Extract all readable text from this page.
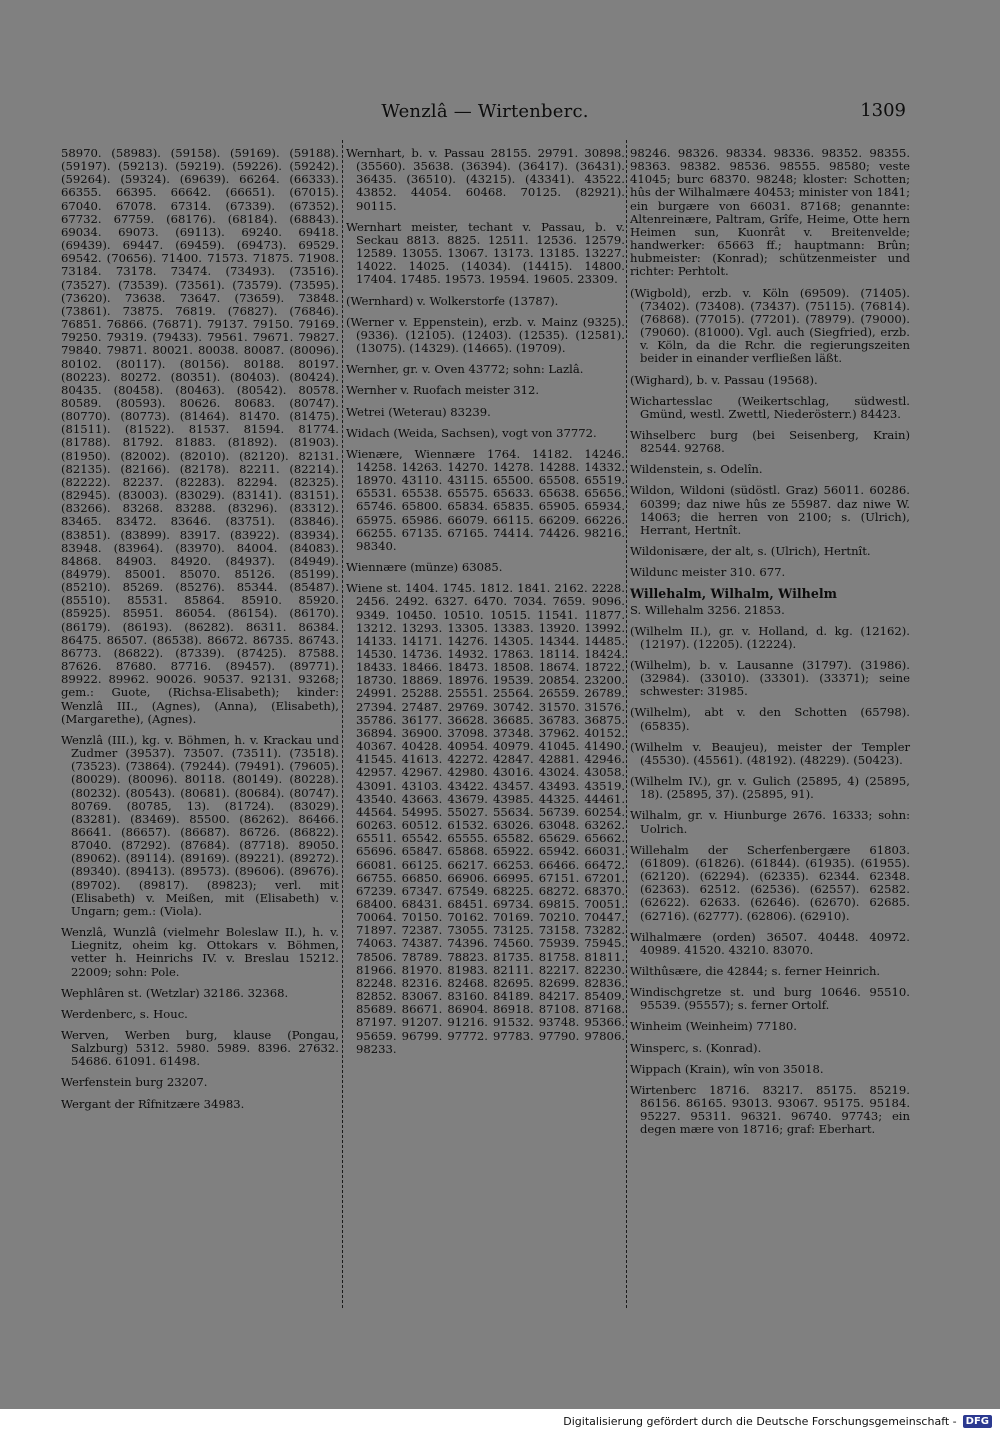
Wenzlâ — Wirtenberc.	1309

58970. (58983). (59158). (59169). (59188). (59197). (59213). (59219). (59226). (59242). (59264). (59324). (69639). 66264. (66333). 66355. 66395. 66642. (66651). (67015). 67040. 67078. 67314. (67339). (67352). 67732. 67759. (68176). (68184). (68843). 69034. 69073. (69113). 69240. 69418. (69439). 69447. (69459). (69473). 69529. 69542. (70656). 71400. 71573. 71875. 71908. 73184. 73178. 73474. (73493). (73516). (73527). (73539). (73561). (73579). (73595). (73620). 73638. 73647. (73659). 73848. (73861). 73875. 76819. (76827). (76846). 76851. 76866. (76871). 79137. 79150. 79169. 79250. 79319. (79433). 79561. 79671. 79827. 79840. 79871. 80021. 80038. 80087. (80096). 80102. (80117). (80156). 80188. 80197. (80223). 80272. (80351). (80403). (80424). 80435. (80458). (80463). (80542). 80578. 80589. (80593). 80626. 80683. (80747). (80770). (80773). (81464). 81470. (81475). (81511). (81522). 81537. 81594. 81774. (81788). 81792. 81883. (81892). (81903). (81950). (82002). (82010). (82120). 82131. (82135). (82166). (82178). 82211. (82214). (82222). 82237. (82283). 82294. (82325). (82945). (83003). (83029). (83141). (83151). (83266). 83268. 83288. (83296). (83312). 83465. 83472. 83646. (83751). (83846). (83851). (83899). 83917. (83922). (83934). 83948. (83964). (83970). 84004. (84083). 84868. 84903. 84920. (84937). (84949). (84979). 85001. 85070. 85126. (85199). (85210). 85269. (85276). 85344. (85487). (85510). 85531. 85864. 85910. 85920. (85925). 85951. 86054. (86154). (86170). (86179). (86193). (86282). 86311. 86384. 86475. 86507. (86538). 86672. 86735. 86743. 86773. (86822). (87339). (87425). 87588. 87626. 87680. 87716. (89457). (89771). 89922. 89962. 90026. 90537. 92131. 93268; gem.: Guote, (Richsa-Elisabeth); kinder: Wenzlâ III., (Agnes), (Anna), (Elisabeth), (Margarethe), (Agnes).

Wenzlâ (III.), kg. v. Böhmen, h. v. Krackau und Zudmer (39537). 73507. (73511). (73518). (73523). (73864). (79244). (79491). (79605). (80029). (80096). 80118. (80149). (80228). (80232). (80543). (80681). (80684). (80747). 80769. (80785, 13). (81724). (83029). (83281). (83469). 85500. (86262). 86466. 86641. (86657). (86687). 86726. (86822). 87040. (87292). (87684). (87718). 89050. (89062). (89114). (89169). (89221). (89272). (89340). (89413). (89573). (89606). (89676). (89702). (89817). (89823); verl. mit (Elisabeth) v. Meißen, mit (Elisabeth) v. Ungarn; gem.: (Viola).

Wenzlâ, Wunzlâ (vielmehr Boleslaw II.), h. v. Liegnitz, oheim kg. Ottokars v. Böhmen, vetter h. Heinrichs IV. v. Breslau 15212. 22009; sohn: Pole.

Wephlâren st. (Wetzlar) 32186. 32368.

Werdenberc, s. Houc.

Werven, Werben burg, klause (Pongau, Salzburg) 5312. 5980. 5989. 8396. 27632. 54686. 61091. 61498.

Werfenstein burg 23207.

Wergant der Rîfnitzære 34983.

Wernhart, b. v. Passau 28155. 29791. 30898. (35560). 35638. (36394). (36417). (36431). 36435. (36510). (43215). (43341). 43522. 43852. 44054. 60468. 70125. (82921). 90115.

Wernhart meister, techant v. Passau, b. v. Seckau 8813. 8825. 12511. 12536. 12579. 12589. 13055. 13067. 13173. 13185. 13227. 14022. 14025. (14034). (14415). 14800. 17404. 17485. 19573. 19594. 19605. 23309.

(Wernhard) v. Wolkerstorfe (13787).

(Werner v. Eppenstein), erzb. v. Mainz (9325). (9336). (12105). (12403). (12535). (12581). (13075). (14329). (14665). (19709).

Wernher, gr. v. Oven 43772; sohn: Lazlâ.

Wernher v. Ruofach meister 312.

Wetrei (Weterau) 83239.

Widach (Weida, Sachsen), vogt von 37772.

Wienære, Wiennære 1764. 14182. 14246. 14258. 14263. 14270. 14278. 14288. 14332. 18970. 43110. 43115. 65500. 65508. 65519. 65531. 65538. 65575. 65633. 65638. 65656. 65746. 65800. 65834. 65835. 65905. 65934. 65975. 65986. 66079. 66115. 66209. 66226. 66255. 67135. 67165. 74414. 74426. 98216. 98340.

Wiennære (münze) 63085.

Wiene st. 1404. 1745. 1812. 1841. 2162. 2228. 2456. 2492. 6327. 6470. 7034. 7659. 9096. 9349. 10450. 10510. 10515. 11541. 11877. 13212. 13293. 13305. 13383. 13920. 13992. 14133. 14171. 14276. 14305. 14344. 14485. 14530. 14736. 14932. 17863. 18114. 18424. 18433. 18466. 18473. 18508. 18674. 18722. 18730. 18869. 18976. 19539. 20854. 23200. 24991. 25288. 25551. 25564. 26559. 26789. 27394. 27487. 29769. 30742. 31570. 31576. 35786. 36177. 36628. 36685. 36783. 36875. 36894. 36900. 37098. 37348. 37962. 40152. 40367. 40428. 40954. 40979. 41045. 41490. 41545. 41613. 42272. 42847. 42881. 42946. 42957. 42967. 42980. 43016. 43024. 43058. 43091. 43103. 43422. 43457. 43493. 43519. 43540. 43663. 43679. 43985. 44325. 44461. 44564. 54995. 55027. 55634. 56739. 60254. 60263. 60512. 61532. 63026. 63048. 63262. 65511. 65542. 65555. 65582. 65629. 65662. 65696. 65847. 65868. 65922. 65942. 66031. 66081. 66125. 66217. 66253. 66466. 66472. 66755. 66850. 66906. 66995. 67151. 67201. 67239. 67347. 67549. 68225. 68272. 68370. 68400. 68431. 68451. 69734. 69815. 70051. 70064. 70150. 70162. 70169. 70210. 70447. 71897. 72387. 73055. 73125. 73158. 73282. 74063. 74387. 74396. 74560. 75939. 75945. 78506. 78789. 78823. 81735. 81758. 81811. 81966. 81970. 81983. 82111. 82217. 82230. 82248. 82316. 82468. 82695. 82699. 82836. 82852. 83067. 83160. 84189. 84217. 85409. 85689. 86671. 86904. 86918. 87108. 87168. 87197. 91207. 91216. 91532. 93748. 95366. 95659. 96799. 97772. 97783. 97790. 97806. 98233.

98246. 98326. 98334. 98336. 98352. 98355. 98363. 98382. 98536. 98555. 98580; veste 41045; burc 68370. 98248; kloster: Schotten; hûs der Wilhalmære 40453; minister von 1841; ein burgære von 66031. 87168; genannte: Altenreinære, Paltram, Grîfe, Heime, Otte hern Heimen sun, Kuonrât v. Breitenvelde; handwerker: 65663 ff.; hauptmann: Brûn; hubmeister: (Konrad); schützenmeister und richter: Perhtolt.

(Wigbold), erzb. v. Köln (69509). (71405). (73402). (73408). (73437). (75115). (76814). (76868). (77015). (77201). (78979). (79000). (79060). (81000). Vgl. auch (Siegfried), erzb. v. Köln, da die Rchr. die regierungszeiten beider in einander verfließen läßt.

(Wighard), b. v. Passau (19568).

Wichartesslac (Weikertschlag, südwestl. Gmünd, westl. Zwettl, Niederösterr.) 84423.

Wihselberc burg (bei Seisenberg, Krain) 82544. 92768.

Wildenstein, s. Odelîn.

Wildon, Wildoni (südöstl. Graz) 56011. 60286. 60399; daz niwe hûs ze 55987. daz niwe W. 14063; die herren von 2100; s. (Ulrich), Herrant, Hertnît.

Wildonisære, der alt, s. (Ulrich), Hertnît.

Wildunc meister 310. 677.

Willehalm, Wilhalm, Wilhelm

S. Willehalm 3256. 21853.

(Wilhelm II.), gr. v. Holland, d. kg. (12162). (12197). (12205). (12224).

(Wilhelm), b. v. Lausanne (31797). (31986). (32984). (33010). (33301). (33371); seine schwester: 31985.

(Wilhelm), abt v. den Schotten (65798). (65835).

(Wilhelm v. Beaujeu), meister der Templer (45530). (45561). (48192). (48229). (50423).

(Wilhelm IV.), gr. v. Gulich (25895, 4) (25895, 18). (25895, 37). (25895, 91).

Wilhalm, gr. v. Hiunburge 2676. 16333; sohn: Uolrich.

Willehalm der Scherfenbergære 61803. (61809). (61826). (61844). (61935). (61955). (62120). (62294). (62335). 62344. 62348. (62363). 62512. (62536). (62557). 62582. (62622). 62633. (62646). (62670). 62685. (62716). (62777). (62806). (62910).

Wilhalmære (orden) 36507. 40448. 40972. 40989. 41520. 43210. 83070.

Wilthûsære, die 42844; s. ferner Heinrich.

Windischgretze st. und burg 10646. 95510. 95539. (95557); s. ferner Ortolf.

Winheim (Weinheim) 77180.

Winsperc, s. (Konrad).

Wippach (Krain), wîn von 35018.

Wirtenberc 18716. 83217. 85175. 85219. 86156. 86165. 93013. 93067. 95175. 95184. 95227. 95311. 96321. 96740. 97743; ein degen mære von 18716; graf: Eberhart.

Digitalisierung gefördert durch die Deutsche Forschungsgemeinschaft - DFG
